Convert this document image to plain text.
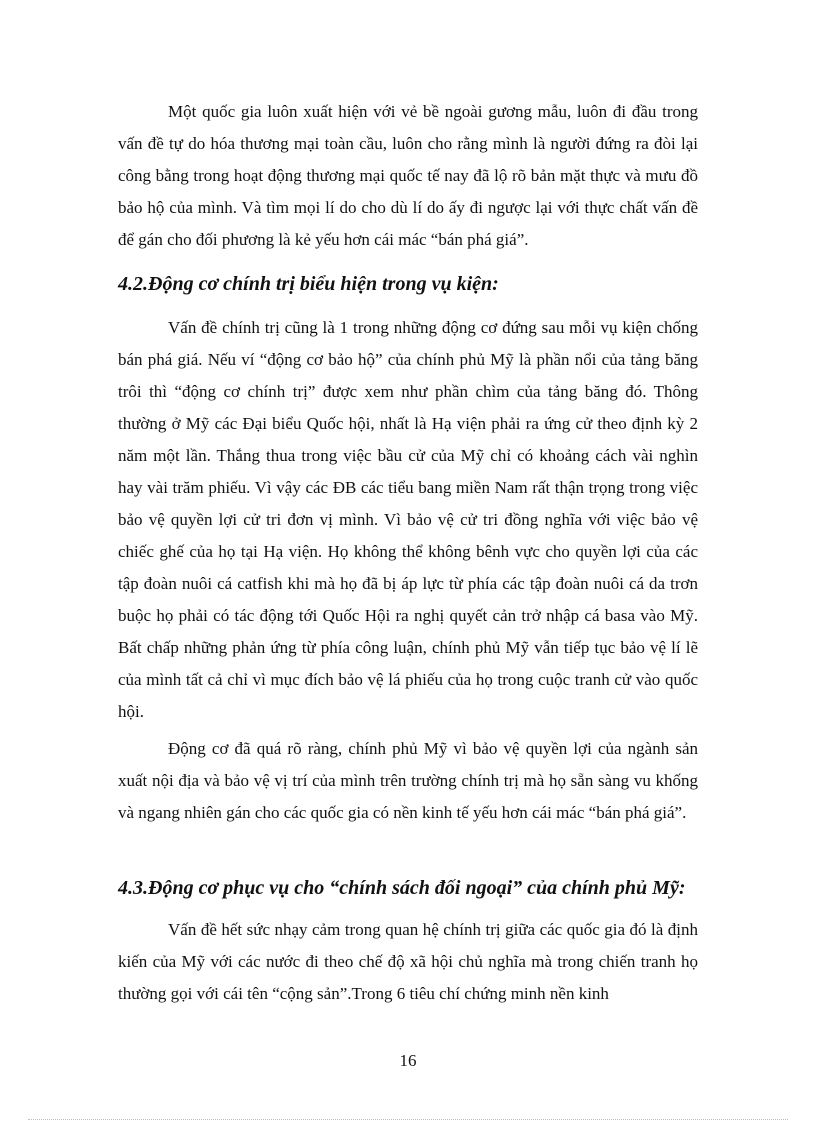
Một quốc gia luôn xuất hiện với vẻ bề ngoài gương mẫu, luôn đi đầu trong vấn đề tự do hóa thương mại toàn cầu, luôn cho rằng mình là người đứng ra đòi lại công bằng trong hoạt động thương mại quốc tế nay đã lộ rõ bản mặt thực và mưu đồ bảo hộ của mình. Và tìm mọi lí do cho dù lí do ấy đi ngược lại với thực chất vấn đề để gán cho đối phương là kẻ yếu hơn cái mác “bán phá giá”.

4.2.Động cơ chính trị biểu hiện trong vụ kiện:

Vấn đề chính trị cũng là 1 trong những động cơ đứng sau mỗi vụ kiện chống bán phá giá. Nếu ví “động cơ bảo hộ” của chính phủ Mỹ là phần nổi của tảng băng trôi thì “động cơ chính trị” được xem như phần chìm của tảng băng đó. Thông thường ở Mỹ các Đại biểu Quốc hội, nhất là Hạ viện phải ra ứng cử theo định kỳ 2 năm một lần. Thắng thua trong việc bầu cử của Mỹ chỉ có khoảng cách vài nghìn hay vài trăm phiếu. Vì vậy các ĐB các tiểu bang miền Nam rất thận trọng trong việc bảo vệ quyền lợi cử tri đơn vị mình. Vì bảo vệ cử tri đồng nghĩa với việc bảo vệ chiếc ghế của họ tại Hạ viện. Họ không thể không bênh vực cho quyền lợi của các tập đoàn nuôi cá catfish khi mà họ đã bị áp lực từ phía các tập đoàn nuôi cá da trơn buộc họ phải có tác động tới Quốc Hội ra nghị quyết cản trở nhập cá basa vào Mỹ. Bất chấp những phản ứng từ phía công luận, chính phủ Mỹ vẫn tiếp tục bảo vệ lí lẽ của mình tất cả chỉ vì mục đích bảo vệ lá phiếu của họ trong cuộc tranh cử vào quốc hội.

Động cơ đã quá rõ ràng, chính phủ Mỹ vì bảo vệ quyền lợi của ngành sản xuất nội địa và bảo vệ vị trí của mình trên trường chính trị mà họ sẵn sàng vu khống và ngang nhiên gán cho các quốc gia có nền kinh tế yếu hơn cái mác “bán phá giá”.

4.3.Động cơ phục vụ cho “chính sách đối ngoại” của chính phủ Mỹ:

Vấn đề hết sức nhạy cảm trong quan hệ chính trị giữa các quốc gia đó là định kiến của Mỹ với các nước đi theo chế độ xã hội chủ nghĩa mà trong chiến tranh họ thường gọi với cái tên “cộng sản”.Trong 6 tiêu chí chứng minh nền kinh

16
